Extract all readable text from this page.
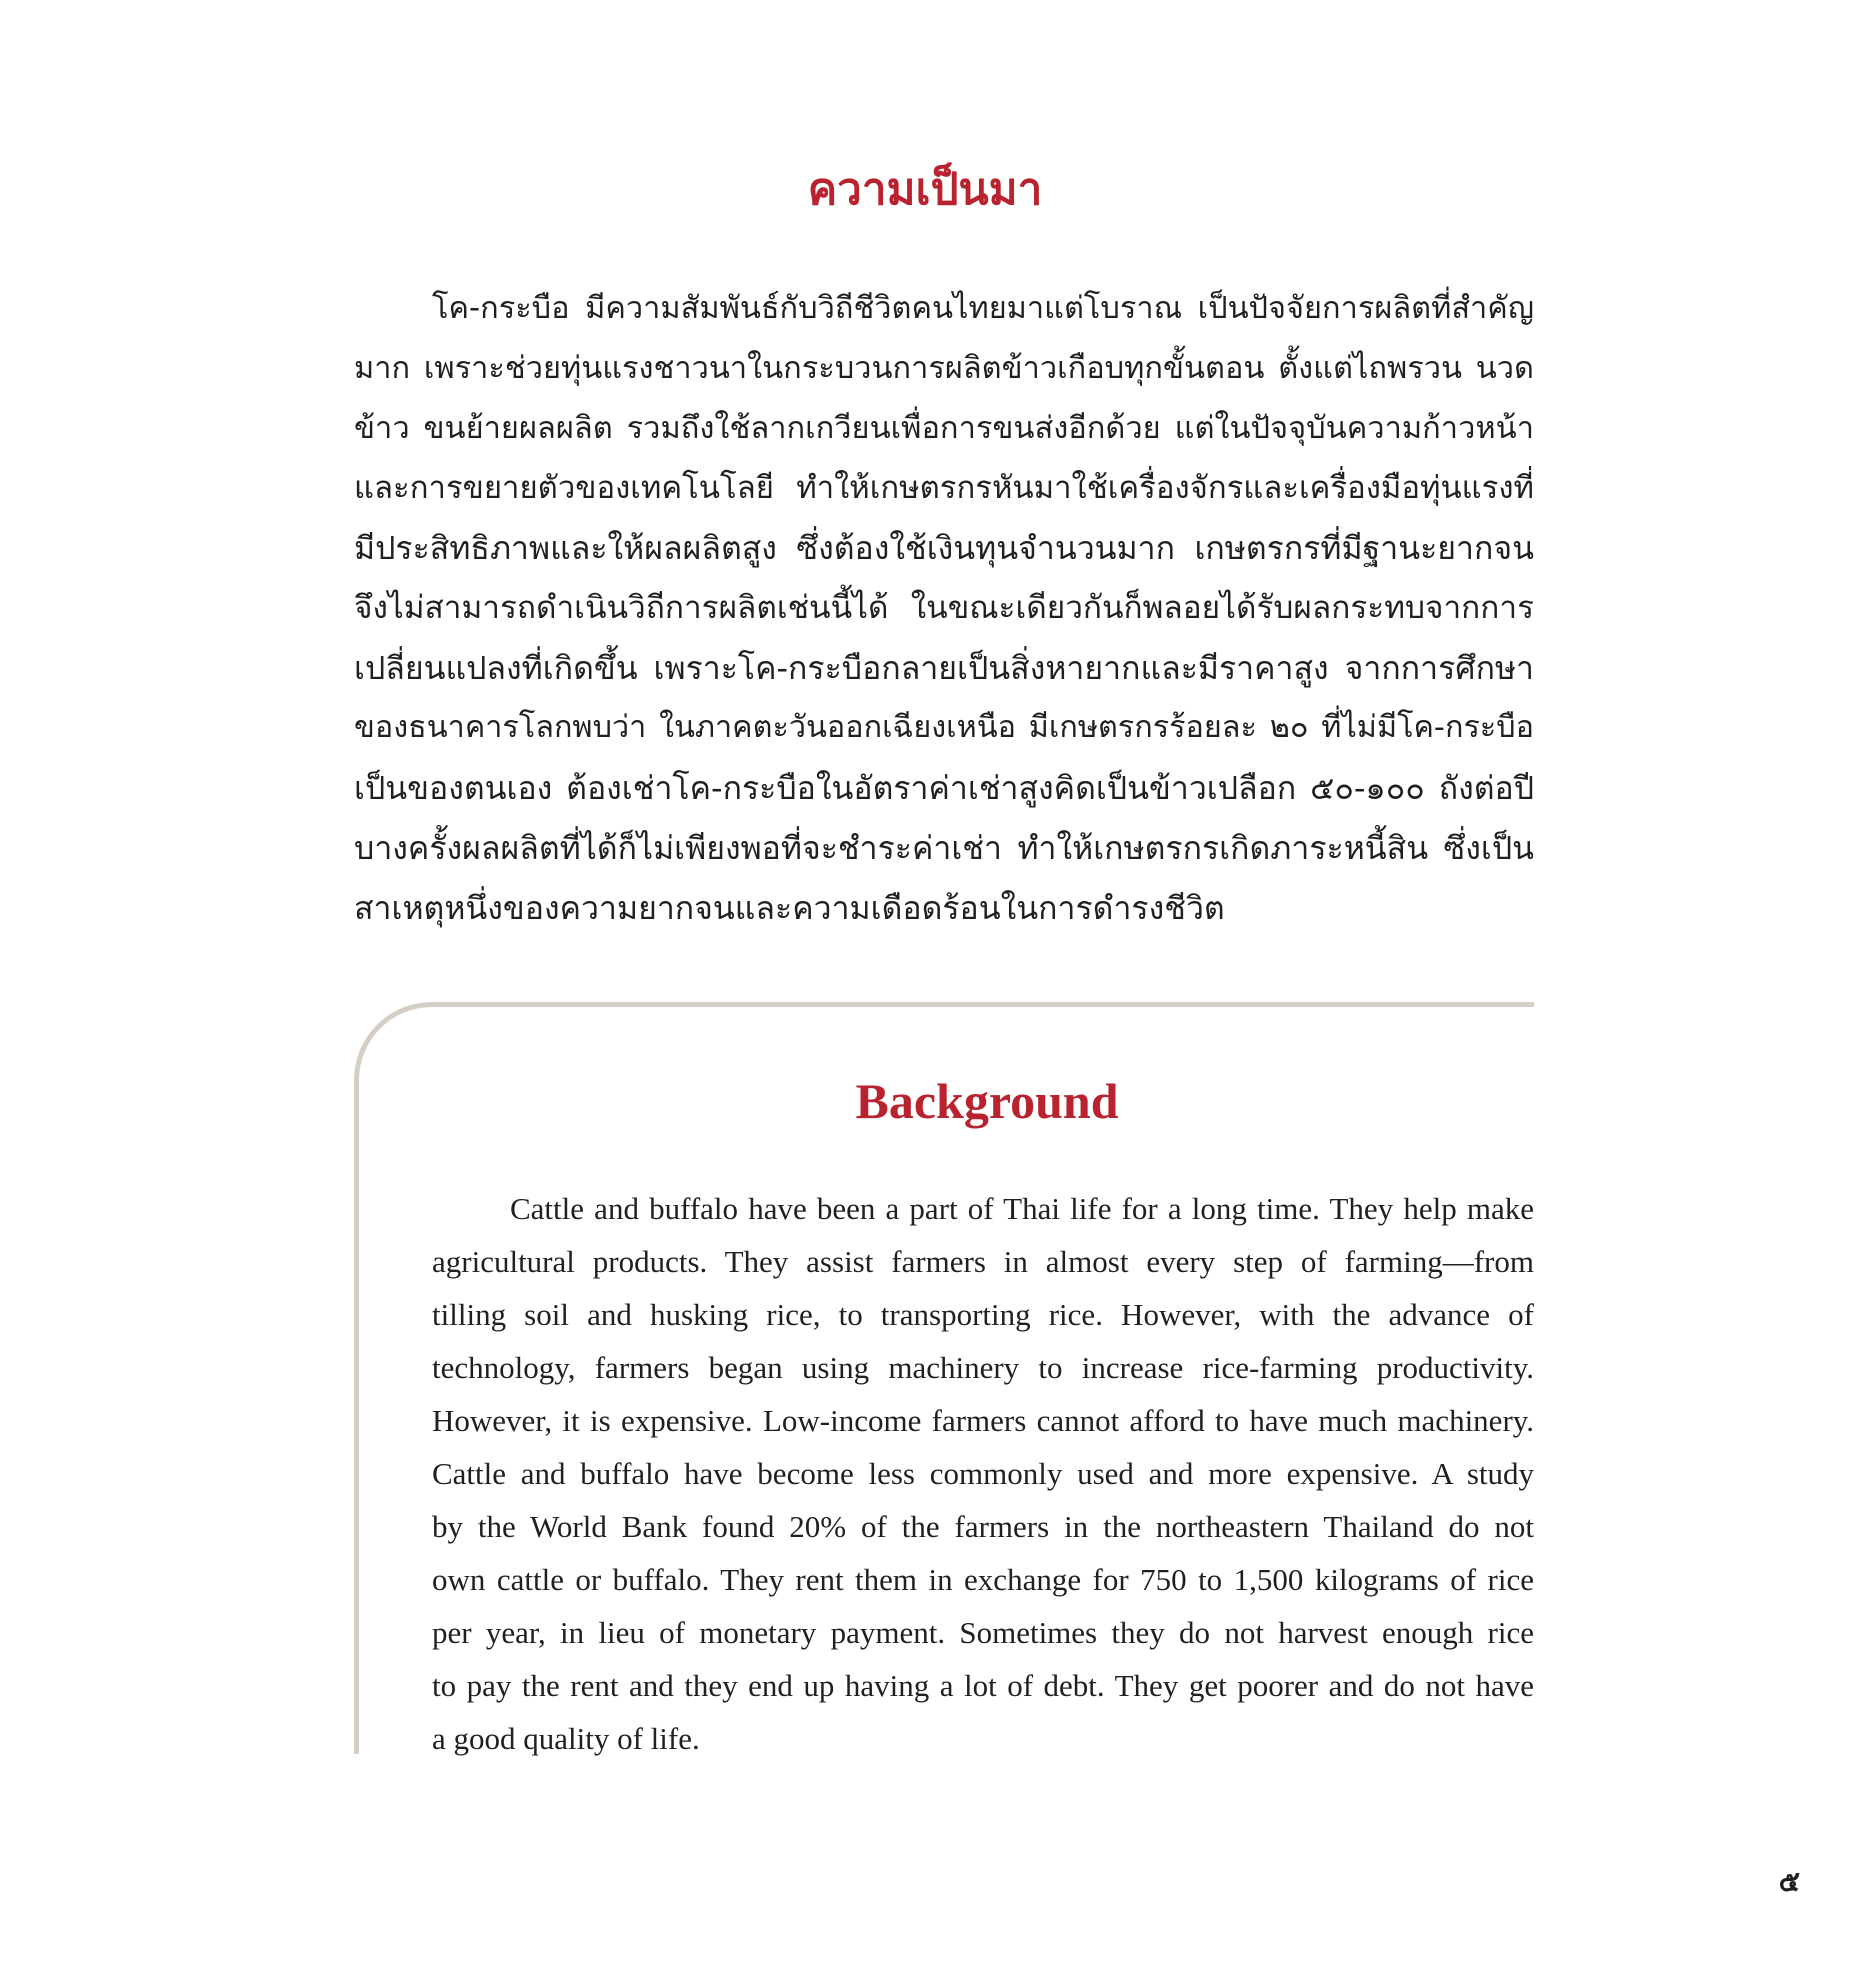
ความเป็นมา
โค-กระบือ มีความสัมพันธ์กับวิถีชีวิตคนไทยมาแต่โบราณ เป็นปัจจัยการผลิตที่สำคัญ
มาก เพราะช่วยทุ่นแรงชาวนาในกระบวนการผลิตข้าวเกือบทุกขั้นตอน ตั้งแต่ไถพรวน นวด
ข้าว ขนย้ายผลผลิต รวมถึงใช้ลากเกวียนเพื่อการขนส่งอีกด้วย แต่ในปัจจุบันความก้าวหน้า
และการขยายตัวของเทคโนโลยี ทำให้เกษตรกรหันมาใช้เครื่องจักรและเครื่องมือทุ่นแรงที่
มีประสิทธิภาพและให้ผลผลิตสูง ซึ่งต้องใช้เงินทุนจำนวนมาก เกษตรกรที่มีฐานะยากจน
จึงไม่สามารถดำเนินวิถีการผลิตเช่นนี้ได้ ในขณะเดียวกันก็พลอยได้รับผลกระทบจากการ
เปลี่ยนแปลงที่เกิดขึ้น เพราะโค-กระบือกลายเป็นสิ่งหายากและมีราคาสูง จากการศึกษา
ของธนาคารโลกพบว่า ในภาคตะวันออกเฉียงเหนือ มีเกษตรกรร้อยละ ๒๐ ที่ไม่มีโค-กระบือ
เป็นของตนเอง ต้องเช่าโค-กระบือในอัตราค่าเช่าสูงคิดเป็นข้าวเปลือก ๕๐-๑๐๐ ถังต่อปี
บางครั้งผลผลิตที่ได้ก็ไม่เพียงพอที่จะชำระค่าเช่า ทำให้เกษตรกรเกิดภาระหนี้สิน ซึ่งเป็น
สาเหตุหนึ่งของความยากจนและความเดือดร้อนในการดำรงชีวิต
Background
Cattle and buffalo have been a part of Thai life for a long time. They help make
agricultural products. They assist farmers in almost every step of farming—from
tilling soil and husking rice, to transporting rice. However, with the advance of
technology, farmers began using machinery to increase rice-farming productivity.
However, it is expensive. Low-income farmers cannot afford to have much machinery.
Cattle and buffalo have become less commonly used and more expensive. A study
by the World Bank found 20% of the farmers in the northeastern Thailand do not
own cattle or buffalo. They rent them in exchange for 750 to 1,500 kilograms of rice
per year, in lieu of monetary payment. Sometimes they do not harvest enough rice
to pay the rent and they end up having a lot of debt. They get poorer and do not have
a good quality of life.
๕
